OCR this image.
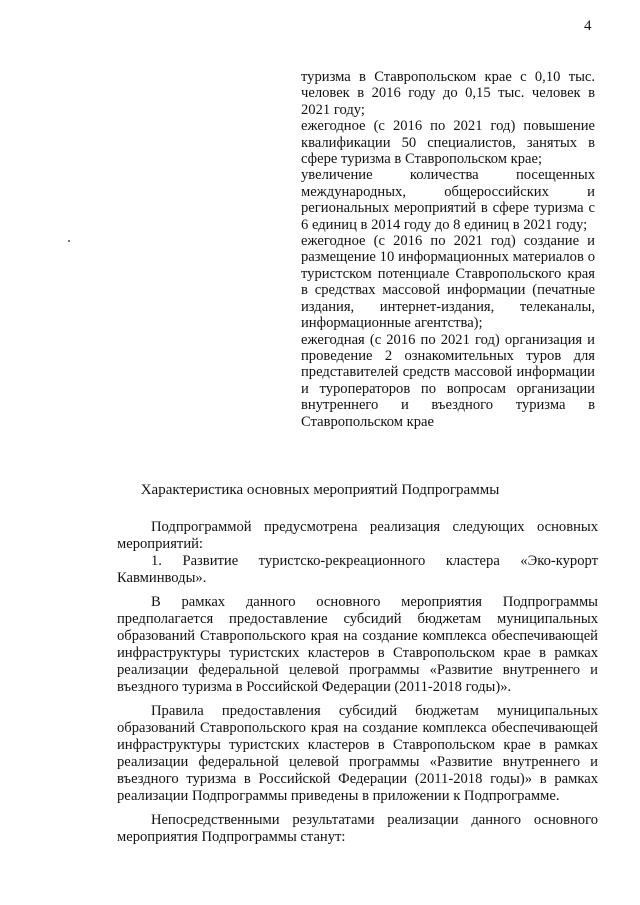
4
туризма в Ставропольском крае с 0,10 тыс. человек в 2016 году до 0,15 тыс. человек в 2021 году;
ежегодное (с 2016 по 2021 год) повышение квалификации 50 специалистов, занятых в сфере туризма в Ставропольском крае;
увеличение количества посещенных международных, общероссийских и региональных мероприятий в сфере туризма с 6 единиц в 2014 году до 8 единиц в 2021 году;
ежегодное (с 2016 по 2021 год) создание и размещение 10 информационных материалов о туристском потенциале Ставропольского края в средствах массовой информации (печатные издания, интернет-издания, телеканалы, информационные агентства);
ежегодная (с 2016 по 2021 год) организация и проведение 2 ознакомительных туров для представителей средств массовой информации и туроператоров по вопросам организации внутреннего и въездного туризма в Ставропольском крае
Характеристика основных мероприятий Подпрограммы

Подпрограммой предусмотрена реализация следующих основных мероприятий:

1. Развитие туристско-рекреационного кластера «Эко-курорт Кавминводы».

В рамках данного основного мероприятия Подпрограммы предполагается предоставление субсидий бюджетам муниципальных образований Ставропольского края на создание комплекса обеспечивающей инфраструктуры туристских кластеров в Ставропольском крае в рамках реализации федеральной целевой программы «Развитие внутреннего и въездного туризма в Российской Федерации (2011-2018 годы)».

Правила предоставления субсидий бюджетам муниципальных образований Ставропольского края на создание комплекса обеспечивающей инфраструктуры туристских кластеров в Ставропольском крае в рамках реализации федеральной целевой программы «Развитие внутреннего и въездного туризма в Российской Федерации (2011-2018 годы)» в рамках реализации Подпрограммы приведены в приложении к Подпрограмме.

Непосредственными результатами реализации данного основного мероприятия Подпрограммы станут:
